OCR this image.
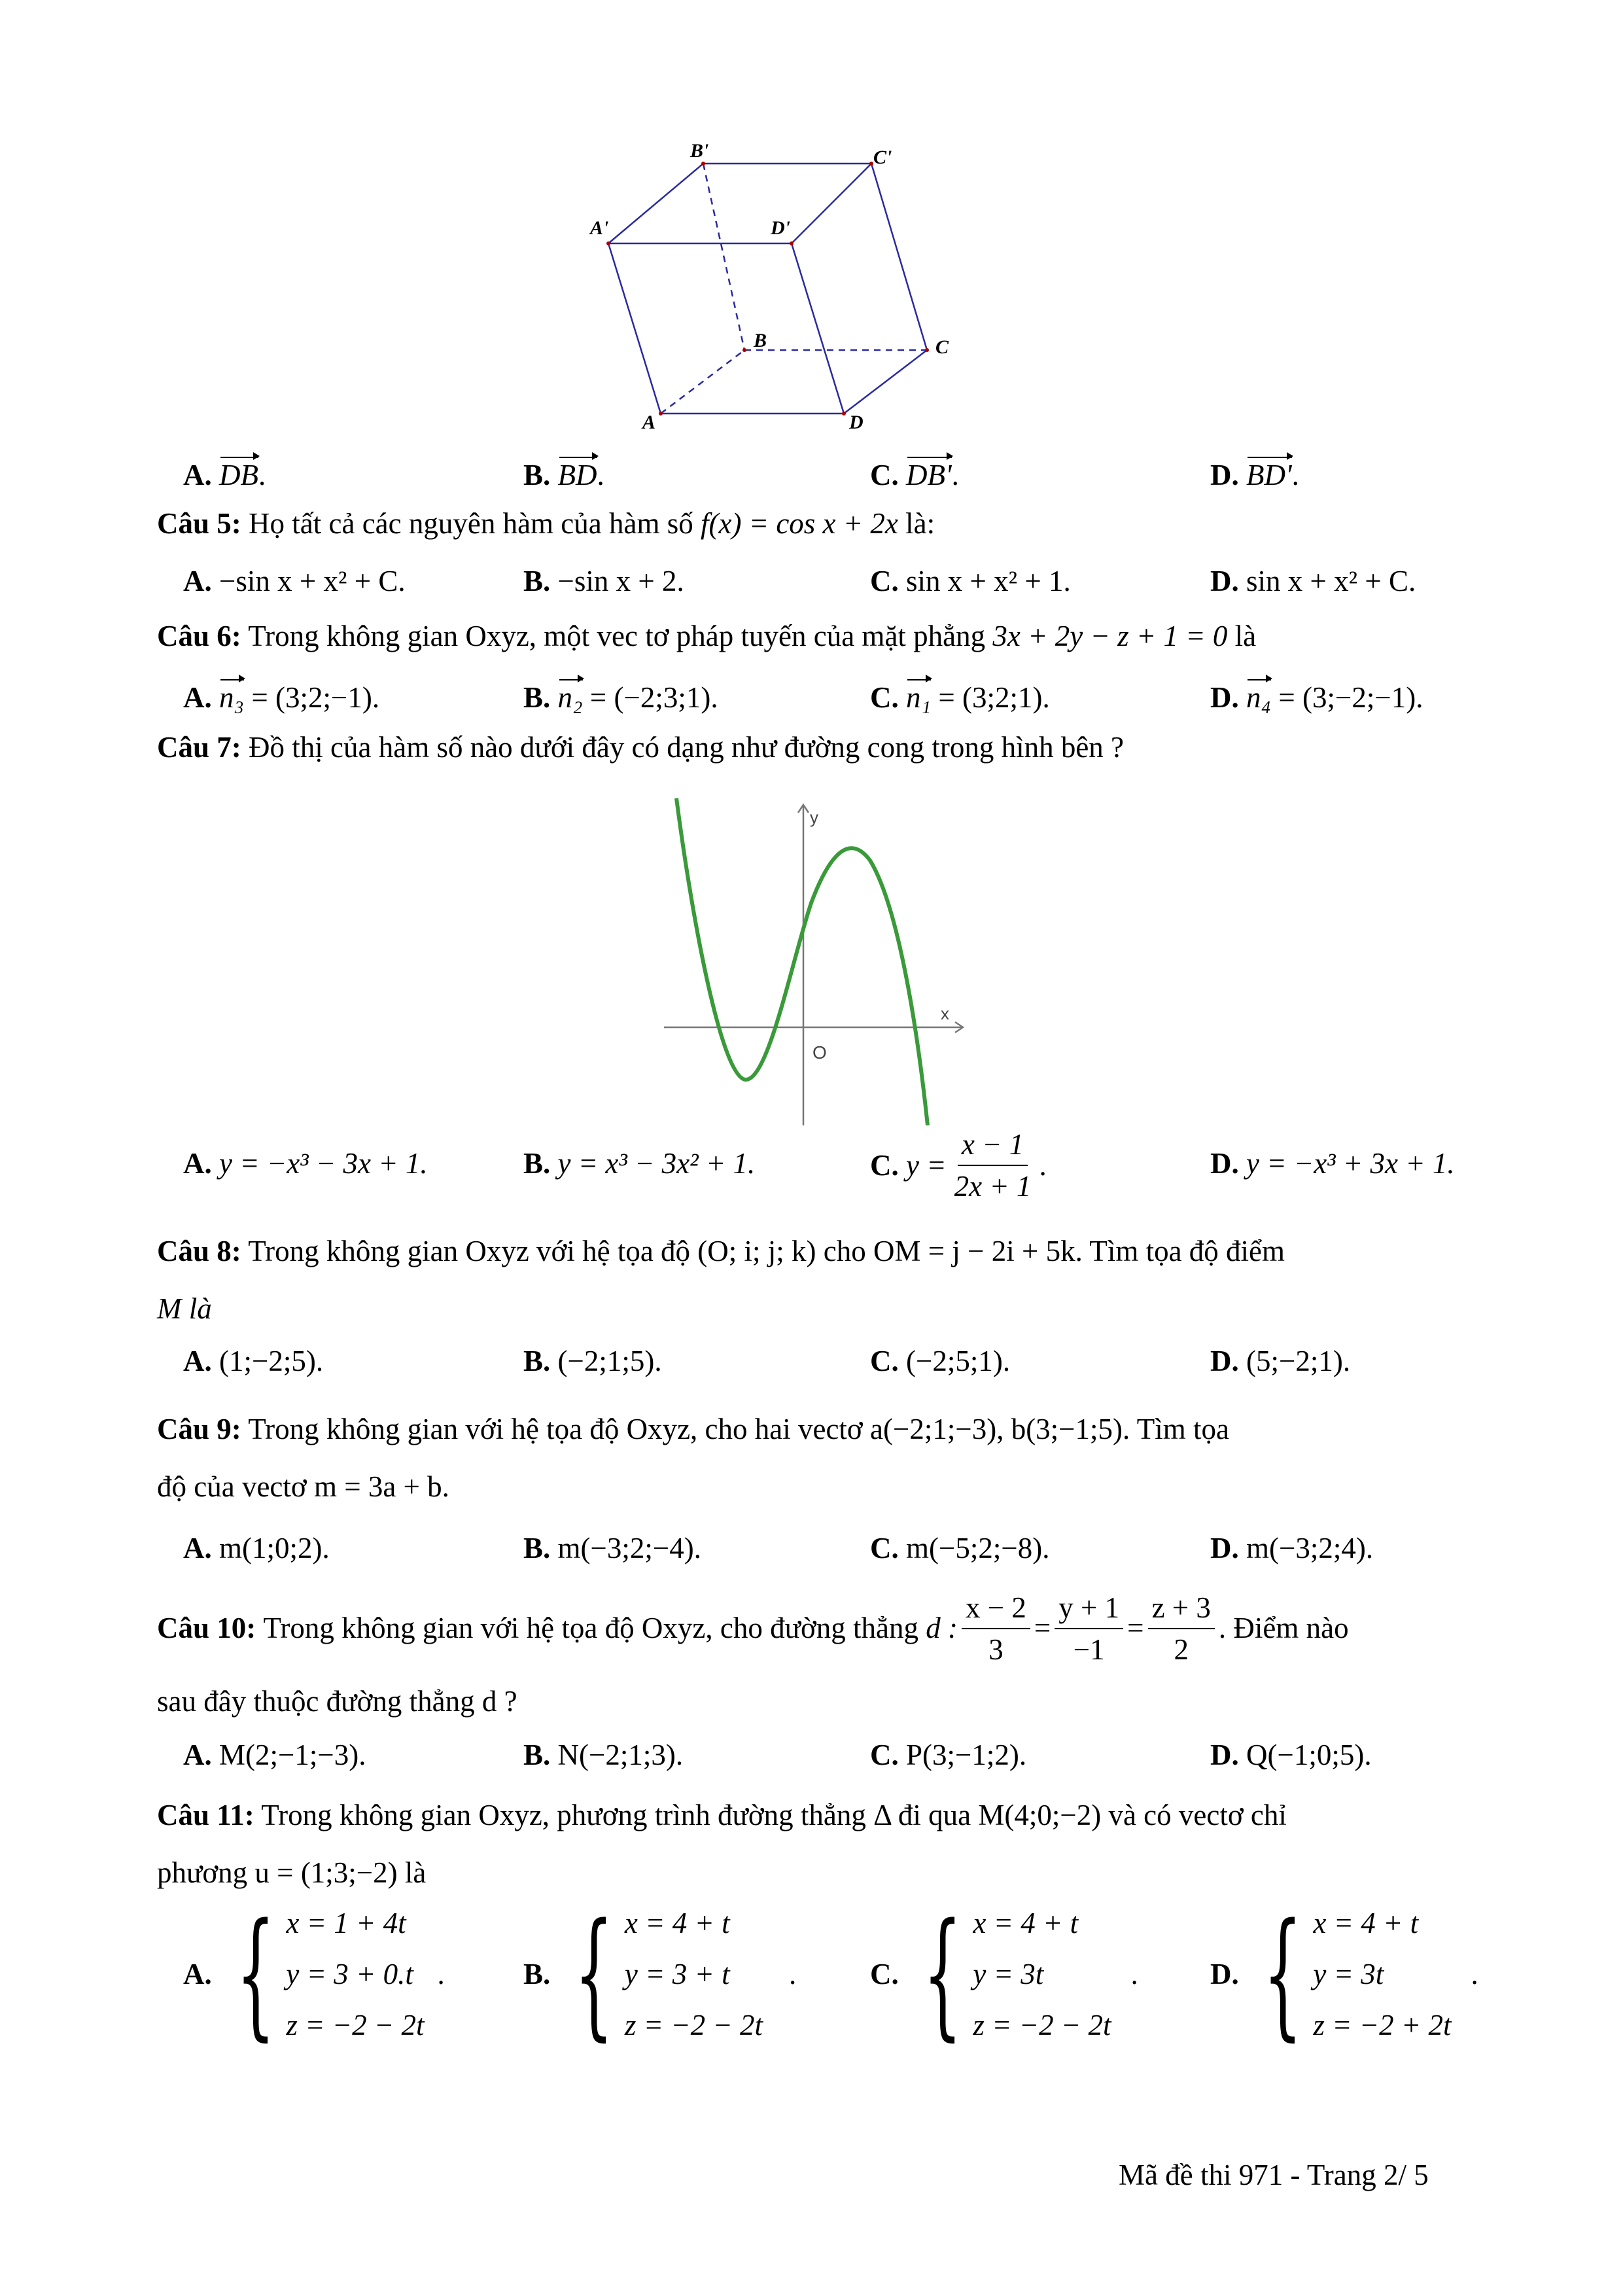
B'	C'
A'	D'
B	C
A	D
A. DB.	B. BD.	C. DB'.	D. BD'.
Câu 5: Họ tất cả các nguyên hàm của hàm số f(x) = cos x + 2x là:
A. −sin x + x² + C.	B. −sin x + 2.	C. sin x + x² + 1.	D. sin x + x² + C.
Câu 6: Trong không gian Oxyz, một vec tơ pháp tuyến của mặt phẳng 3x + 2y − z + 1 = 0 là
A. n₃ = (3;2;−1).	B. n₂ = (−2;3;1).	C. n₁ = (3;2;1).	D. n₄ = (3;−2;−1).
Câu 7: Đồ thị của hàm số nào dưới đây có dạng như đường cong trong hình bên ?
y
x
O
A. y = −x³ − 3x + 1.	B. y = x³ − 3x² + 1.	C.
$y = \frac{x - 1}{2x + 1}$ .	D. y = −x³ + 3x + 1.
Câu 8: Trong không gian Oxyz với hệ tọa độ (O; i; j; k) cho OM = j − 2i + 5k. Tìm tọa độ điểm
M là
A. (1;−2;5).	B. (−2;1;5).	C. (−2;5;1).	D. (5;−2;1).
Câu 9: Trong không gian với hệ tọa độ Oxyz, cho hai vectơ a(−2;1;−3), b(3;−1;5). Tìm tọa
độ của vectơ m = 3a + b.
A. m(1;0;2).	B. m(−3;2;−4).	C. m(−5;2;−8).	D. m(−3;2;4).
Câu 10:
Trong không gian với hệ tọa độ Oxyz, cho đường thẳng
d : $\frac{x - 2}{3} = \frac{y + 1}{-1} = \frac{z + 3}{2}$ . Điểm nào
sau đây thuộc đường thẳng d ?
A. M(2;−1;−3).	B. N(−2;1;3).	C. P(3;−1;2).	D. Q(−1;0;5).
Câu 11: Trong không gian Oxyz, phương trình đường thẳng Δ đi qua M(4;0;−2) và có vectơ chỉ
phương u = (1;3;−2) là
A. { x = 1 + 4t
y = 3 + 0.t
z = −2 − 2t
.	B. { x = 4 + t
y = 3 + t
z = −2 − 2t
.	C. { x = 4 + t
y = 3t
z = −2 − 2t
. D. { x = 4 + t
y = 3t
z = −2 + 2t
.
Mã đề thi 971 - Trang 2/ 5
